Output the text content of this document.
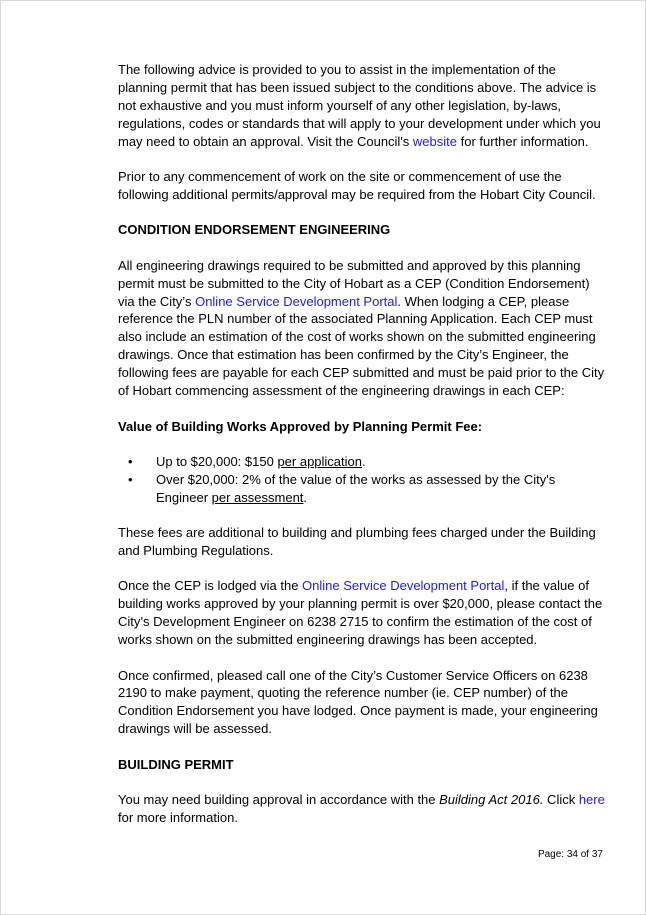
The following advice is provided to you to assist in the implementation of the planning permit that has been issued subject to the conditions above. The advice is not exhaustive and you must inform yourself of any other legislation, by-laws, regulations, codes or standards that will apply to your development under which you may need to obtain an approval. Visit the Council's website for further information.

Prior to any commencement of work on the site or commencement of use the following additional permits/approval may be required from the Hobart City Council.

CONDITION ENDORSEMENT ENGINEERING

All engineering drawings required to be submitted and approved by this planning permit must be submitted to the City of Hobart as a CEP (Condition Endorsement) via the City’s Online Service Development Portal. When lodging a CEP, please reference the PLN number of the associated Planning Application. Each CEP must also include an estimation of the cost of works shown on the submitted engineering drawings. Once that estimation has been confirmed by the City’s Engineer, the following fees are payable for each CEP submitted and must be paid prior to the City of Hobart commencing assessment of the engineering drawings in each CEP:

Value of Building Works Approved by Planning Permit Fee:

• Up to $20,000: $150 per application.
• Over $20,000: 2% of the value of the works as assessed by the City's Engineer per assessment.

These fees are additional to building and plumbing fees charged under the Building and Plumbing Regulations.

Once the CEP is lodged via the Online Service Development Portal, if the value of building works approved by your planning permit is over $20,000, please contact the City’s Development Engineer on 6238 2715 to confirm the estimation of the cost of works shown on the submitted engineering drawings has been accepted.

Once confirmed, pleased call one of the City’s Customer Service Officers on 6238 2190 to make payment, quoting the reference number (ie. CEP number) of the Condition Endorsement you have lodged. Once payment is made, your engineering drawings will be assessed.

BUILDING PERMIT

You may need building approval in accordance with the Building Act 2016. Click here for more information.

Page: 34 of 37
